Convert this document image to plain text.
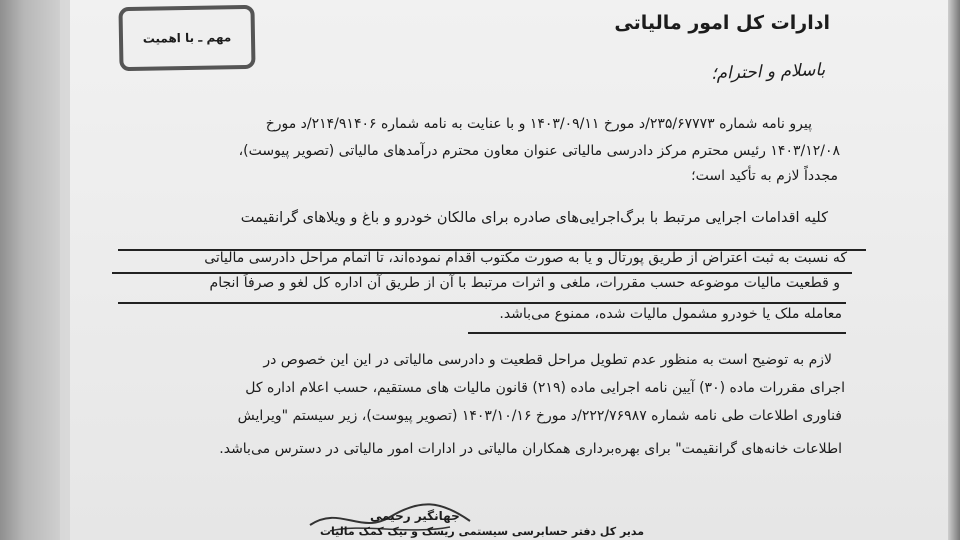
مهم ـ با اهمیت
ادارات کل امور مالیاتی
باسلام و احترام؛
پیرو نامه شماره ۲۳۵/۶۷۷۷۳/د مورخ ۱۴۰۳/۰۹/۱۱ و با عنایت به نامه شماره ۲۱۴/۹۱۴۰۶/د مورخ
۱۴۰۳/۱۲/۰۸ رئیس محترم مرکز دادرسی مالیاتی عنوان معاون محترم درآمدهای مالیاتی (تصویر پیوست)،
مجدداً لازم به تأکید است؛
کلیه اقدامات اجرایی مرتبط با برگ‌اجرایی‌های صادره برای مالکان خودرو و باغ و ویلاهای گرانقیمت
که نسبت به ثبت اعتراض از طریق پورتال و یا به صورت مکتوب اقدام نموده‌اند، تا اتمام مراحل دادرسی مالیاتی
و قطعیت مالیات موضوعه حسب مقررات، ملغی و اثرات مرتبط با آن از طریق آن اداره کل لغو و صرفاً انجام
معامله ملک یا خودرو مشمول مالیات شده، ممنوع می‌باشد.
لازم به توضیح است به منظور عدم تطویل مراحل قطعیت و دادرسی مالیاتی در این این خصوص در
اجرای مقررات ماده (۳۰) آیین نامه اجرایی ماده (۲۱۹) قانون مالیات های مستقیم، حسب اعلام اداره کل
فناوری اطلاعات طی نامه شماره ۲۲۲/۷۶۹۸۷/د مورخ ۱۴۰۳/۱۰/۱۶ (تصویر پیوست)، زیر سیستم "ویرایش
اطلاعات خانه‌های گرانقیمت" برای بهره‌برداری همکاران مالیاتی در ادارات امور مالیاتی در دسترس می‌باشد.
جهانگیر رحیمی
مدیر کل دفتر حسابرسی سیستمی ریسک و نیک کمک مالیات
